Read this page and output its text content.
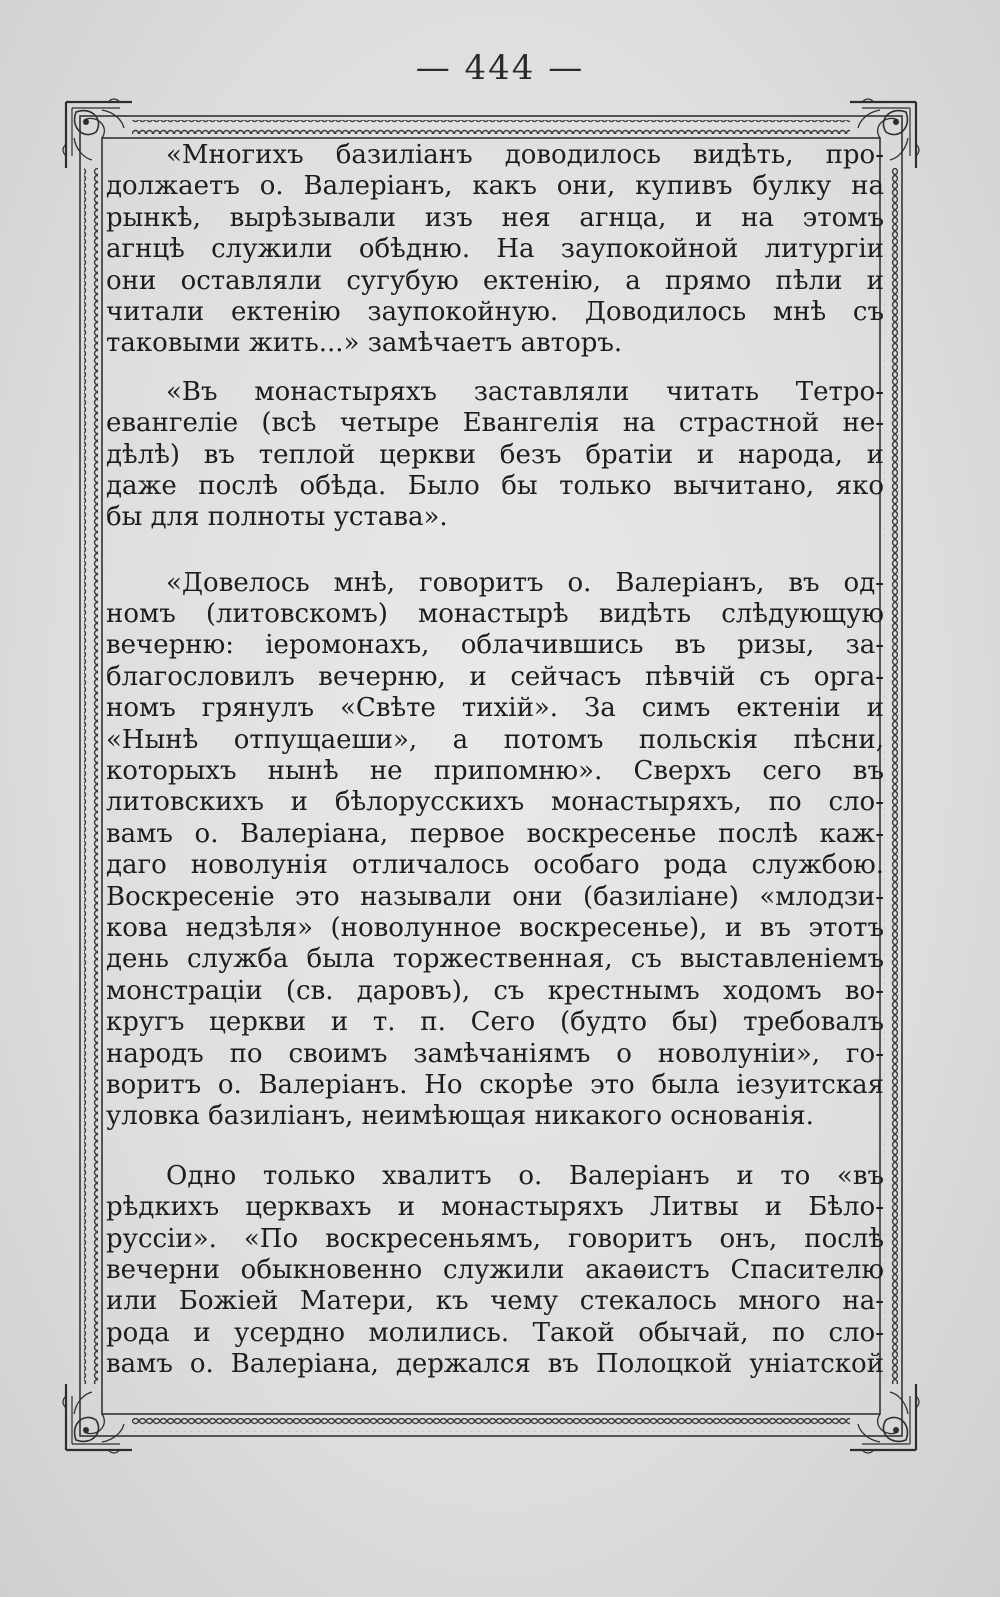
— 444 —
«Многихъ базиліанъ доводилось видѣть, про-
должаетъ о. Валеріанъ, какъ они, купивъ булку на
рынкѣ, вырѣзывали изъ нея агнца, и на этомъ
агнцѣ служили обѣдню. На заупокойной литургіи
они оставляли сугубую ектенію, а прямо пѣли и
читали ектенію заупокойную. Доводилось мнѣ съ
таковыми жить...» замѣчаетъ авторъ.
«Въ монастыряхъ заставляли читать Тетро-
евангеліе (всѣ четыре Евангелія на страстной не-
дѣлѣ) въ теплой церкви безъ братіи и народа, и
даже послѣ обѣда. Было бы только вычитано, яко
бы для полноты устава».
«Довелось мнѣ, говоритъ о. Валеріанъ, въ од-
номъ (литовскомъ) монастырѣ видѣть слѣдующую
вечерню: іеромонахъ, облачившись въ ризы, за-
благословилъ вечерню, и сейчасъ пѣвчій съ орга-
номъ грянулъ «Свѣте тихій». За симъ ектеніи и
«Нынѣ отпущаеши», а потомъ польскія пѣсни,
которыхъ нынѣ не припомню». Сверхъ сего въ
литовскихъ и бѣлорусскихъ монастыряхъ, по сло-
вамъ о. Валеріана, первое воскресенье послѣ каж-
даго новолунія отличалось особаго рода службою.
Воскресеніе это называли они (базиліане) «млодзи-
кова недзѣля» (новолунное воскресенье), и въ этотъ
день служба была торжественная, съ выставленіемъ
монстраціи (св. даровъ), съ крестнымъ ходомъ во-
кругъ церкви и т. п. Сего (будто бы) требовалъ
народъ по своимъ замѣчаніямъ о новолуніи», го-
воритъ о. Валеріанъ. Но скорѣе это была іезуитская
уловка базиліанъ, неимѣющая никакого основанія.
Одно только хвалитъ о. Валеріанъ и то «въ
рѣдкихъ церквахъ и монастыряхъ Литвы и Бѣло-
руссіи». «По воскресеньямъ, говоритъ онъ, послѣ
вечерни обыкновенно служили акаѳистъ Спасителю
или Божіей Матери, къ чему стекалось много на-
рода и усердно молились. Такой обычай, по сло-
вамъ о. Валеріана, держался въ Полоцкой уніатской
